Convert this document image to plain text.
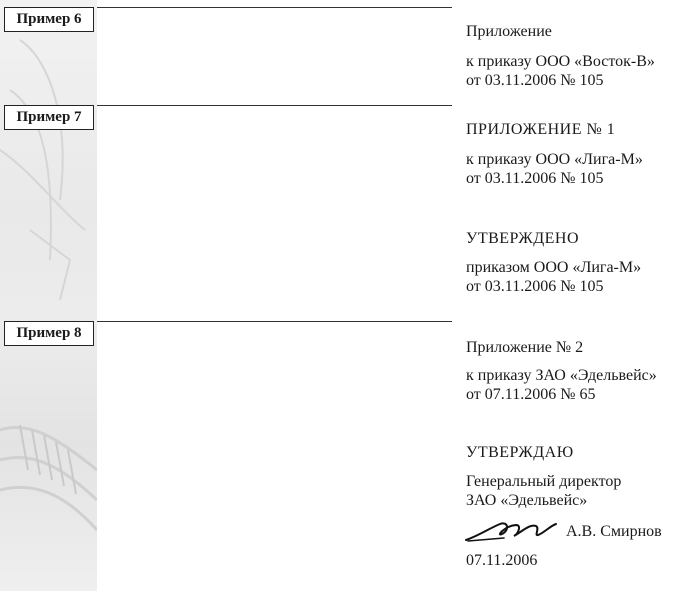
Пример 6
Приложение
к приказу ООО «Восток-В»
от 03.11.2006 № 105
Пример 7
ПРИЛОЖЕНИЕ № 1
к приказу ООО «Лига-М»
от 03.11.2006 № 105
УТВЕРЖДЕНО
приказом ООО «Лига-М»
от 03.11.2006 № 105
Пример 8
Приложение № 2
к приказу ЗАО «Эдельвейс»
от 07.11.2006 № 65
УТВЕРЖДАЮ
Генеральный директор
ЗАО «Эдельвейс»
А.В. Смирнов
07.11.2006
